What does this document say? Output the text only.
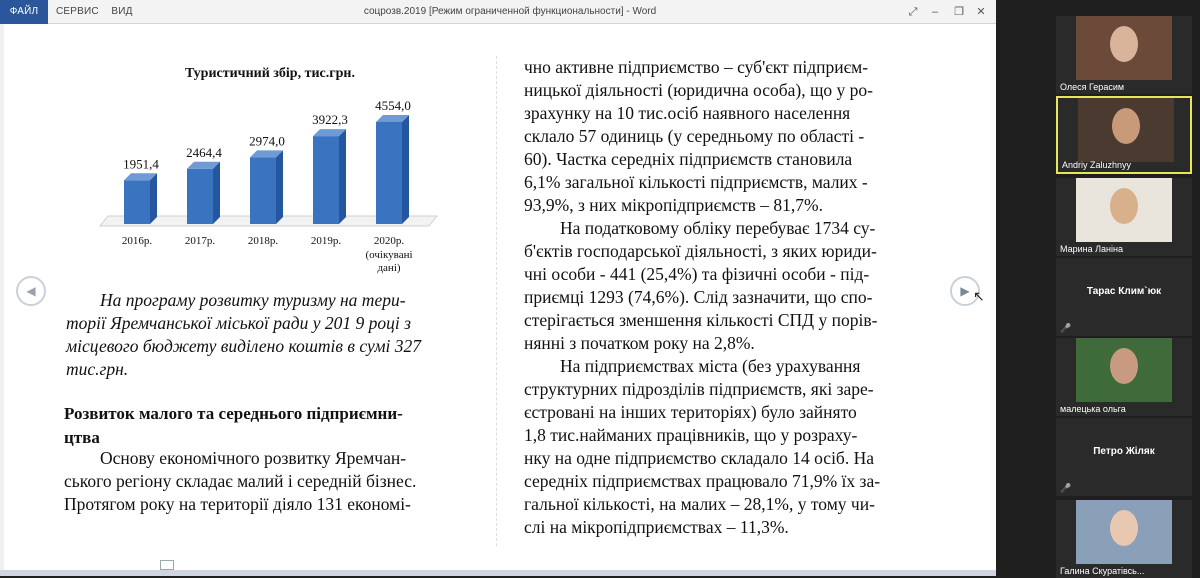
ФАЙЛ	СЕРВИС	ВИД	соцрозв.2019 [Режим ограниченной функциональности] - Word	⤢	–	❐	✕
Туристичний збір, тис.грн.
1951,4
2016р.
2464,4
2017р.
2974,0
2018р.
3922,3
2019р.
4554,0
2020р.
(очікувані дані)
На програму розвитку туризму на тери-
торії Яремчанської міської ради у 201 9 році з
місцевого бюджету виділено коштів в сумі 327
тис.грн.
Розвиток малого та середнього підприємни-
цтва
Основу економічного розвитку Яремчан-
ського регіону складає малий і середній бізнес.
Протягом року на території діяло 131 економі-
чно активне підприємство – суб'єкт підприєм-
ницької діяльності (юридична особа), що у ро-
зрахунку на 10 тис.осіб наявного населення
склало 57 одиниць (у середньому по області -
60). Частка середніх підприємств становила
6,1% загальної кількості підприємств, малих -
93,9%, з них мікропідприємств – 81,7%.
На податковому обліку перебуває 1734 су-
б'єктів господарської діяльності, з яких юриди-
чні особи - 441 (25,4%) та фізичні особи - під-
приємці 1293 (74,6%). Слід зазначити, що спо-
стерігається зменшення кількості СПД у порів-
нянні з початком року на 2,8%.
На підприємствах міста (без урахування
структурних підрозділів підприємств, які заре-
єстровані на інших територіях) було зайнято
1,8 тис.найманих працівників, що у розраху-
нку на одне підприємство складало 14 осіб. На
середніх підприємствах працювало 71,9% їх за-
гальної кількості, на малих – 28,1%, у тому чи-
слі на мікропідприємствах – 11,3%.
◀	▶ ↖
Олеся Герасим
Andriy Zaluzhnyy
Марина Ланіна
Тарас Клим`юк
🎤
малецька ольга
Петро Жіляк
🎤
Галина Скуратівсь...
